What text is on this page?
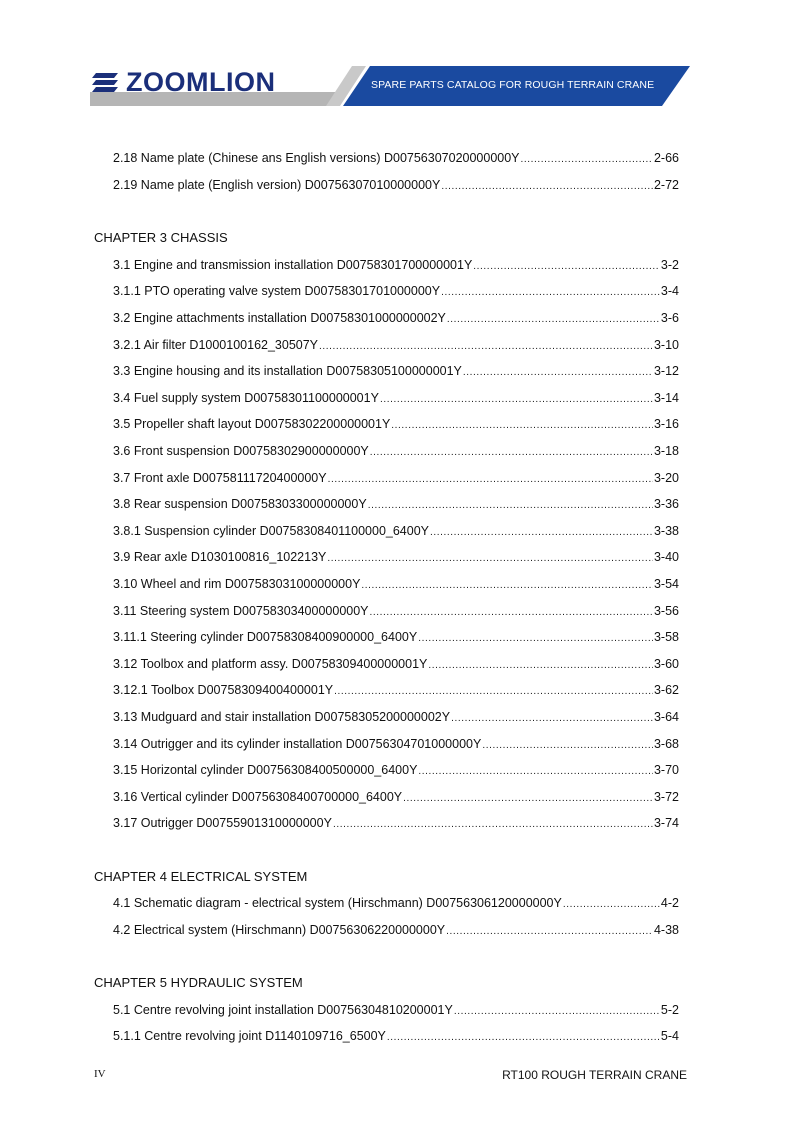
ZOOMLION	SPARE PARTS CATALOG FOR ROUGH TERRAIN CRANE
2.18 Name plate (Chinese ans English versions) D00756307020000000Y .....	2-66
2.19 Name plate (English version) D00756307010000000Y .....	2-72
CHAPTER 3 CHASSIS
3.1 Engine and transmission installation D00758301700000001Y .....	3-2
3.1.1 PTO operating valve system D00758301701000000Y .....	3-4
3.2 Engine attachments installation D00758301000000002Y .....	3-6
3.2.1 Air filter D1000100162_30507Y .....	3-10
3.3 Engine housing and its installation D00758305100000001Y .....	3-12
3.4 Fuel supply system D00758301100000001Y .....	3-14
3.5 Propeller shaft layout D00758302200000001Y .....	3-16
3.6 Front suspension D00758302900000000Y .....	3-18
3.7 Front axle D00758111720400000Y .....	3-20
3.8 Rear suspension D00758303300000000Y .....	3-36
3.8.1 Suspension cylinder D00758308401100000_6400Y .....	3-38
3.9 Rear axle D1030100816_102213Y .....	3-40
3.10 Wheel and rim D00758303100000000Y .....	3-54
3.11 Steering system D00758303400000000Y .....	3-56
3.11.1 Steering cylinder D00758308400900000_6400Y .....	3-58
3.12 Toolbox and platform assy. D00758309400000001Y .....	3-60
3.12.1 Toolbox D00758309400400001Y .....	3-62
3.13 Mudguard and stair installation D00758305200000002Y .....	3-64
3.14 Outrigger and its cylinder installation D00756304701000000Y .....	3-68
3.15 Horizontal cylinder D00756308400500000_6400Y .....	3-70
3.16 Vertical cylinder D00756308400700000_6400Y .....	3-72
3.17 Outrigger D00755901310000000Y .....	3-74
CHAPTER 4 ELECTRICAL SYSTEM
4.1 Schematic diagram - electrical system (Hirschmann) D00756306120000000Y .....	4-2
4.2 Electrical system (Hirschmann) D00756306220000000Y .....	4-38
CHAPTER 5 HYDRAULIC SYSTEM
5.1 Centre revolving joint installation D00756304810200001Y .....	5-2
5.1.1 Centre revolving joint D1140109716_6500Y .....	5-4
IV	RT100 ROUGH TERRAIN CRANE
